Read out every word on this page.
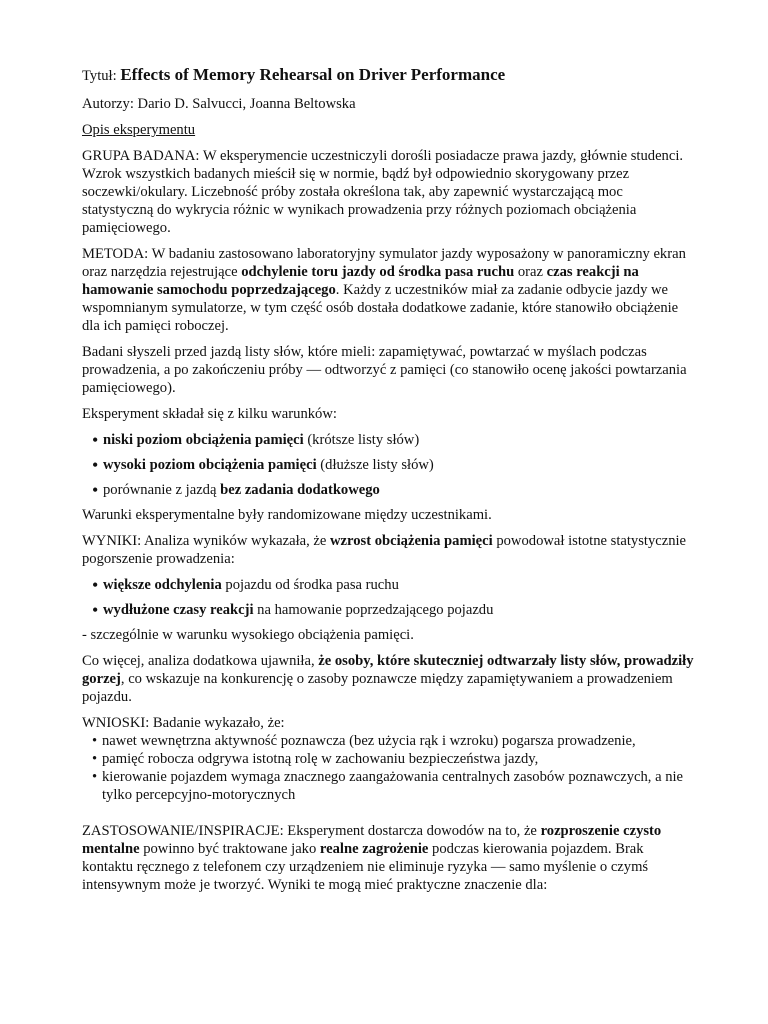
Tytuł: Effects of Memory Rehearsal on Driver Performance

Autorzy: Dario D. Salvucci, Joanna Beltowska

Opis eksperymentu

GRUPA BADANA: W eksperymencie uczestniczyli dorośli posiadacze prawa jazdy, głównie studenci. Wzrok wszystkich badanych mieścił się w normie, bądź był odpowiednio skorygowany przez soczewki/okulary. Liczebność próby została określona tak, aby zapewnić wystarczającą moc statystyczną do wykrycia różnic w wynikach prowadzenia przy różnych poziomach obciążenia pamięciowego.

METODA: W badaniu zastosowano laboratoryjny symulator jazdy wyposażony w panoramiczny ekran oraz narzędzia rejestrujące odchylenie toru jazdy od środka pasa ruchu oraz czas reakcji na hamowanie samochodu poprzedzającego. Każdy z uczestników miał za zadanie odbycie jazdy we wspomnianym symulatorze, w tym część osób dostała dodatkowe zadanie, które stanowiło obciążenie dla ich pamięci roboczej.

Badani słyszeli przed jazdą listy słów, które mieli: zapamiętywać, powtarzać w myślach podczas prowadzenia, a po zakończeniu próby — odtworzyć z pamięci (co stanowiło ocenę jakości powtarzania pamięciowego).

Eksperyment składał się z kilku warunków:

• niski poziom obciążenia pamięci (krótsze listy słów)
• wysoki poziom obciążenia pamięci (dłuższe listy słów)
• porównanie z jazdą bez zadania dodatkowego

Warunki eksperymentalne były randomizowane między uczestnikami.

WYNIKI: Analiza wyników wykazała, że wzrost obciążenia pamięci powodował istotne statystycznie pogorszenie prowadzenia:

• większe odchylenia pojazdu od środka pasa ruchu
• wydłużone czasy reakcji na hamowanie poprzedzającego pojazdu

- szczególnie w warunku wysokiego obciążenia pamięci.

Co więcej, analiza dodatkowa ujawniła, że osoby, które skuteczniej odtwarzały listy słów, prowadziły gorzej, co wskazuje na konkurencję o zasoby poznawcze między zapamiętywaniem a prowadzeniem pojazdu.

WNIOSKI: Badanie wykazało, że:

• nawet wewnętrzna aktywność poznawcza (bez użycia rąk i wzroku) pogarsza prowadzenie,
• pamięć robocza odgrywa istotną rolę w zachowaniu bezpieczeństwa jazdy,
• kierowanie pojazdem wymaga znacznego zaangażowania centralnych zasobów poznawczych, a nie tylko percepcyjno-motorycznych

ZASTOSOWANIE/INSPIRACJE: Eksperyment dostarcza dowodów na to, że rozproszenie czysto mentalne powinno być traktowane jako realne zagrożenie podczas kierowania pojazdem. Brak kontaktu ręcznego z telefonem czy urządzeniem nie eliminuje ryzyka — samo myślenie o czymś intensywnym może je tworzyć. Wyniki te mogą mieć praktyczne znaczenie dla:
